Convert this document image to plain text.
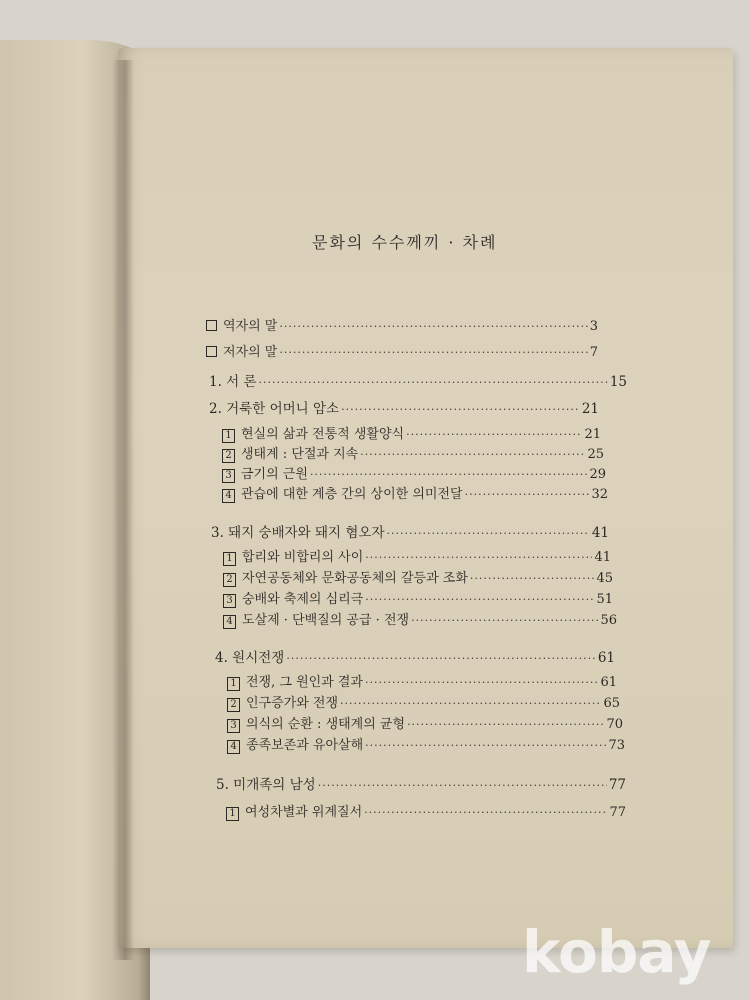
문화의 수수께끼 · 차례
역자의 말 ·····	3
저자의 말 ·····	7
1. 서 론 ·····	15
2. 거룩한 어머니 암소 ·····	21
1 현실의 삶과 전통적 생활양식 ·····	21
2 생태계 : 단절과 지속 ·····	25
3 금기의 근원 ·····	29
4 관습에 대한 계층 간의 상이한 의미전달 ·····	32
3. 돼지 숭배자와 돼지 혐오자 ·····	41
1 합리와 비합리의 사이 ·····	41
2 자연공동체와 문화공동체의 갈등과 조화 ·····	45
3 숭배와 축제의 심리극 ·····	51
4 도살제 · 단백질의 공급 · 전쟁 ·····	56
4. 원시전쟁 ·····	61
1 전쟁, 그 원인과 결과 ·····	61
2 인구증가와 전쟁 ·····	65
3 의식의 순환 : 생태계의 균형 ·····	70
4 종족보존과 유아살해 ·····	73
5. 미개족의 남성 ·····	77
1 여성차별과 위계질서 ·····	77
kobay
